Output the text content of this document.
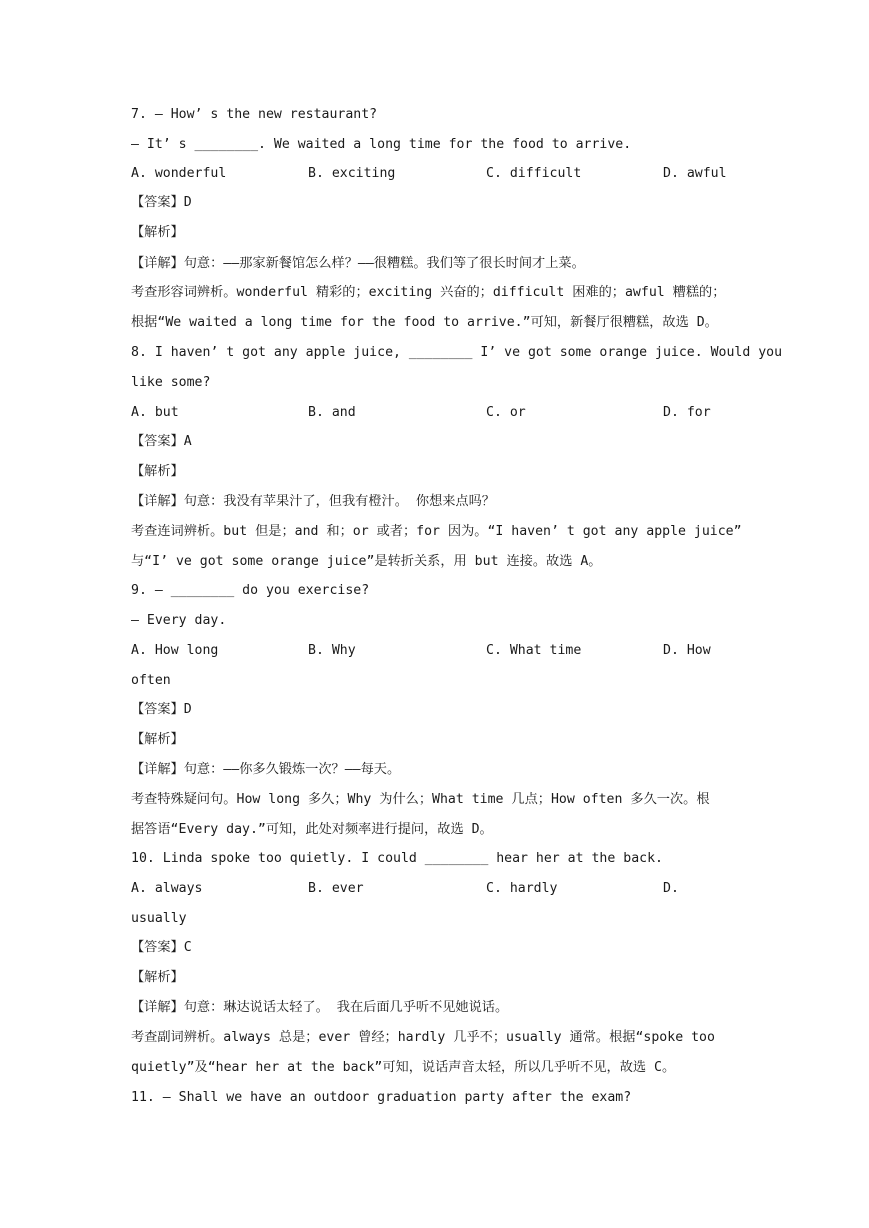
7. — How’ s the new restaurant?
— It’ s ________. We waited a long time for the food to arrive.

A. wonderful

	B. exciting

	C. difficult

	D. awful

【答案】D
【解析】
【详解】句意：——那家新餐馆怎么样？——很糟糕。我们等了很长时间才上菜。
考查形容词辨析。wonderful 精彩的；exciting 兴奋的；difficult 困难的；awful 糟糕的；
根据“We waited a long time for the food to arrive.”可知，新餐厅很糟糕，故选 D。
8. I haven’ t got any apple juice, ________ I’ ve got some orange juice. Would you
like some?

A. but

	B. and

	C. or

	D. for

【答案】A
【解析】
【详解】句意：我没有苹果汁了，但我有橙汁。 你想来点吗？
考查连词辨析。but 但是；and 和；or 或者；for 因为。“I haven’ t got any apple juice”
与“I’ ve got some orange juice”是转折关系，用 but 连接。故选 A。
9. — ________ do you exercise?
— Every day.

A. How long

	B. Why

	C. What time

	D. How

often
【答案】D
【解析】
【详解】句意：——你多久锻炼一次？——每天。
考查特殊疑问句。How long 多久；Why 为什么；What time 几点；How often 多久一次。根
据答语“Every day.”可知，此处对频率进行提问，故选 D。
10. Linda spoke too quietly. I could ________ hear her at the back.

A. always

	B. ever

	C. hardly

	D.

usually
【答案】C
【解析】
【详解】句意：琳达说话太轻了。 我在后面几乎听不见她说话。
考查副词辨析。always 总是；ever 曾经；hardly 几乎不；usually 通常。根据“spoke too
quietly”及“hear her at the back”可知，说话声音太轻，所以几乎听不见，故选 C。
11. — Shall we have an outdoor graduation party after the exam?
